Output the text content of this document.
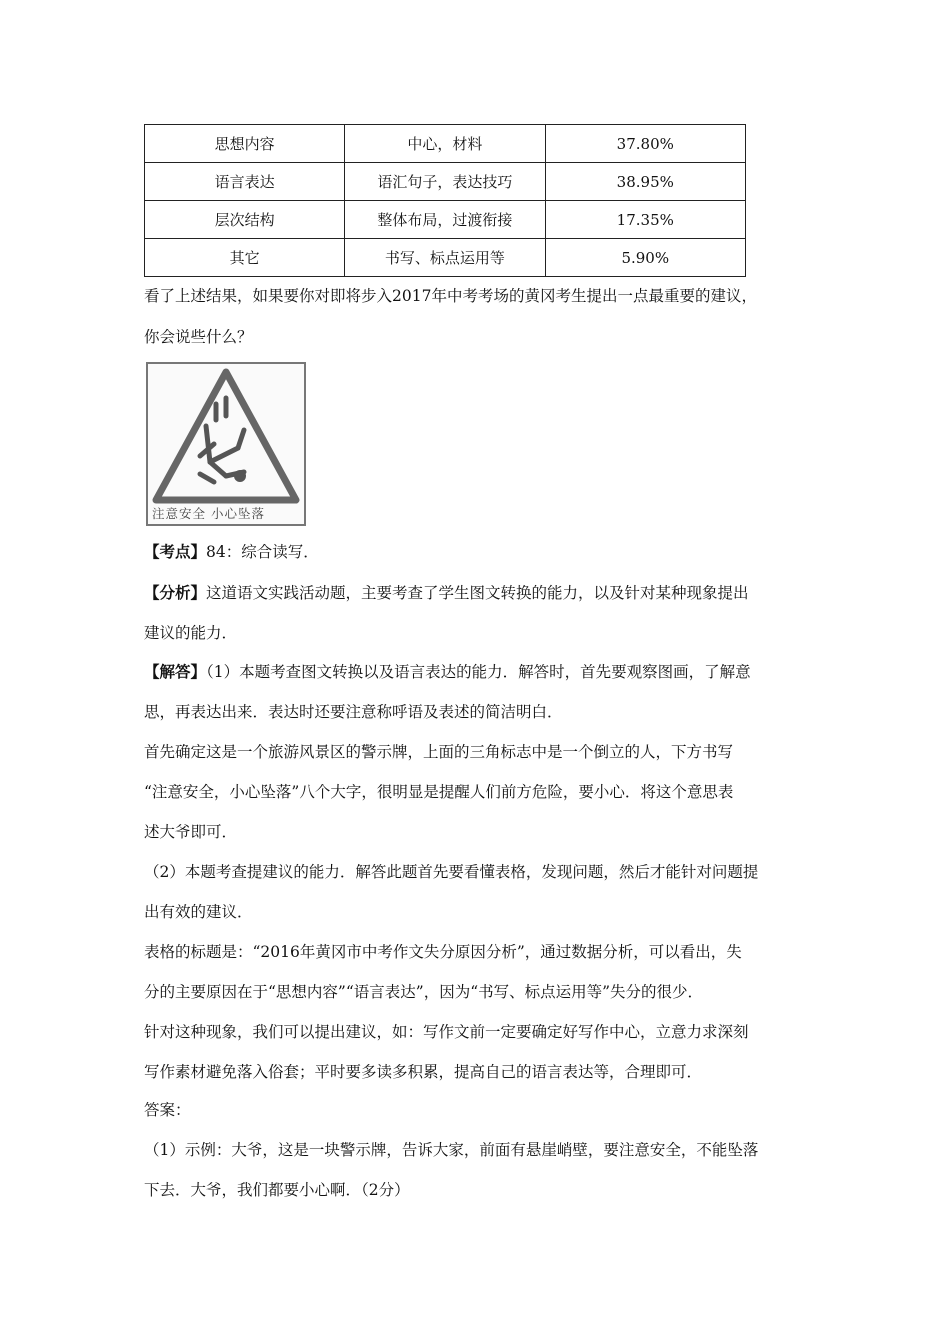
思想内容	中心，材料	37.80%
语言表达	语汇句子，表达技巧	38.95%
层次结构	整体布局，过渡衔接	17.35%
其它	书写、标点运用等	5.90%
看了上述结果，如果要你对即将步入2017年中考考场的黄冈考生提出一点最重要的建议，
你会说些什么？
注意安全 小心坠落
【考点】84：综合读写．
【分析】这道语文实践活动题，主要考查了学生图文转换的能力，以及针对某种现象提出
建议的能力．
【解答】（1）本题考查图文转换以及语言表达的能力．解答时，首先要观察图画，了解意
思，再表达出来．表达时还要注意称呼语及表述的简洁明白．
首先确定这是一个旅游风景区的警示牌，上面的三角标志中是一个倒立的人，下方书写
“注意安全，小心坠落”八个大字，很明显是提醒人们前方危险，要小心．将这个意思表
述大爷即可．
（2）本题考查提建议的能力．解答此题首先要看懂表格，发现问题，然后才能针对问题提
出有效的建议．
表格的标题是：“2016年黄冈市中考作文失分原因分析”，通过数据分析，可以看出，失
分的主要原因在于“思想内容”“语言表达”，因为“书写、标点运用等”失分的很少．
针对这种现象，我们可以提出建议，如：写作文前一定要确定好写作中心，立意力求深刻
写作素材避免落入俗套；平时要多读多积累，提高自己的语言表达等，合理即可．
答案：
（1）示例：大爷，这是一块警示牌，告诉大家，前面有悬崖峭壁，要注意安全，不能坠落
下去．大爷，我们都要小心啊．（2分）
